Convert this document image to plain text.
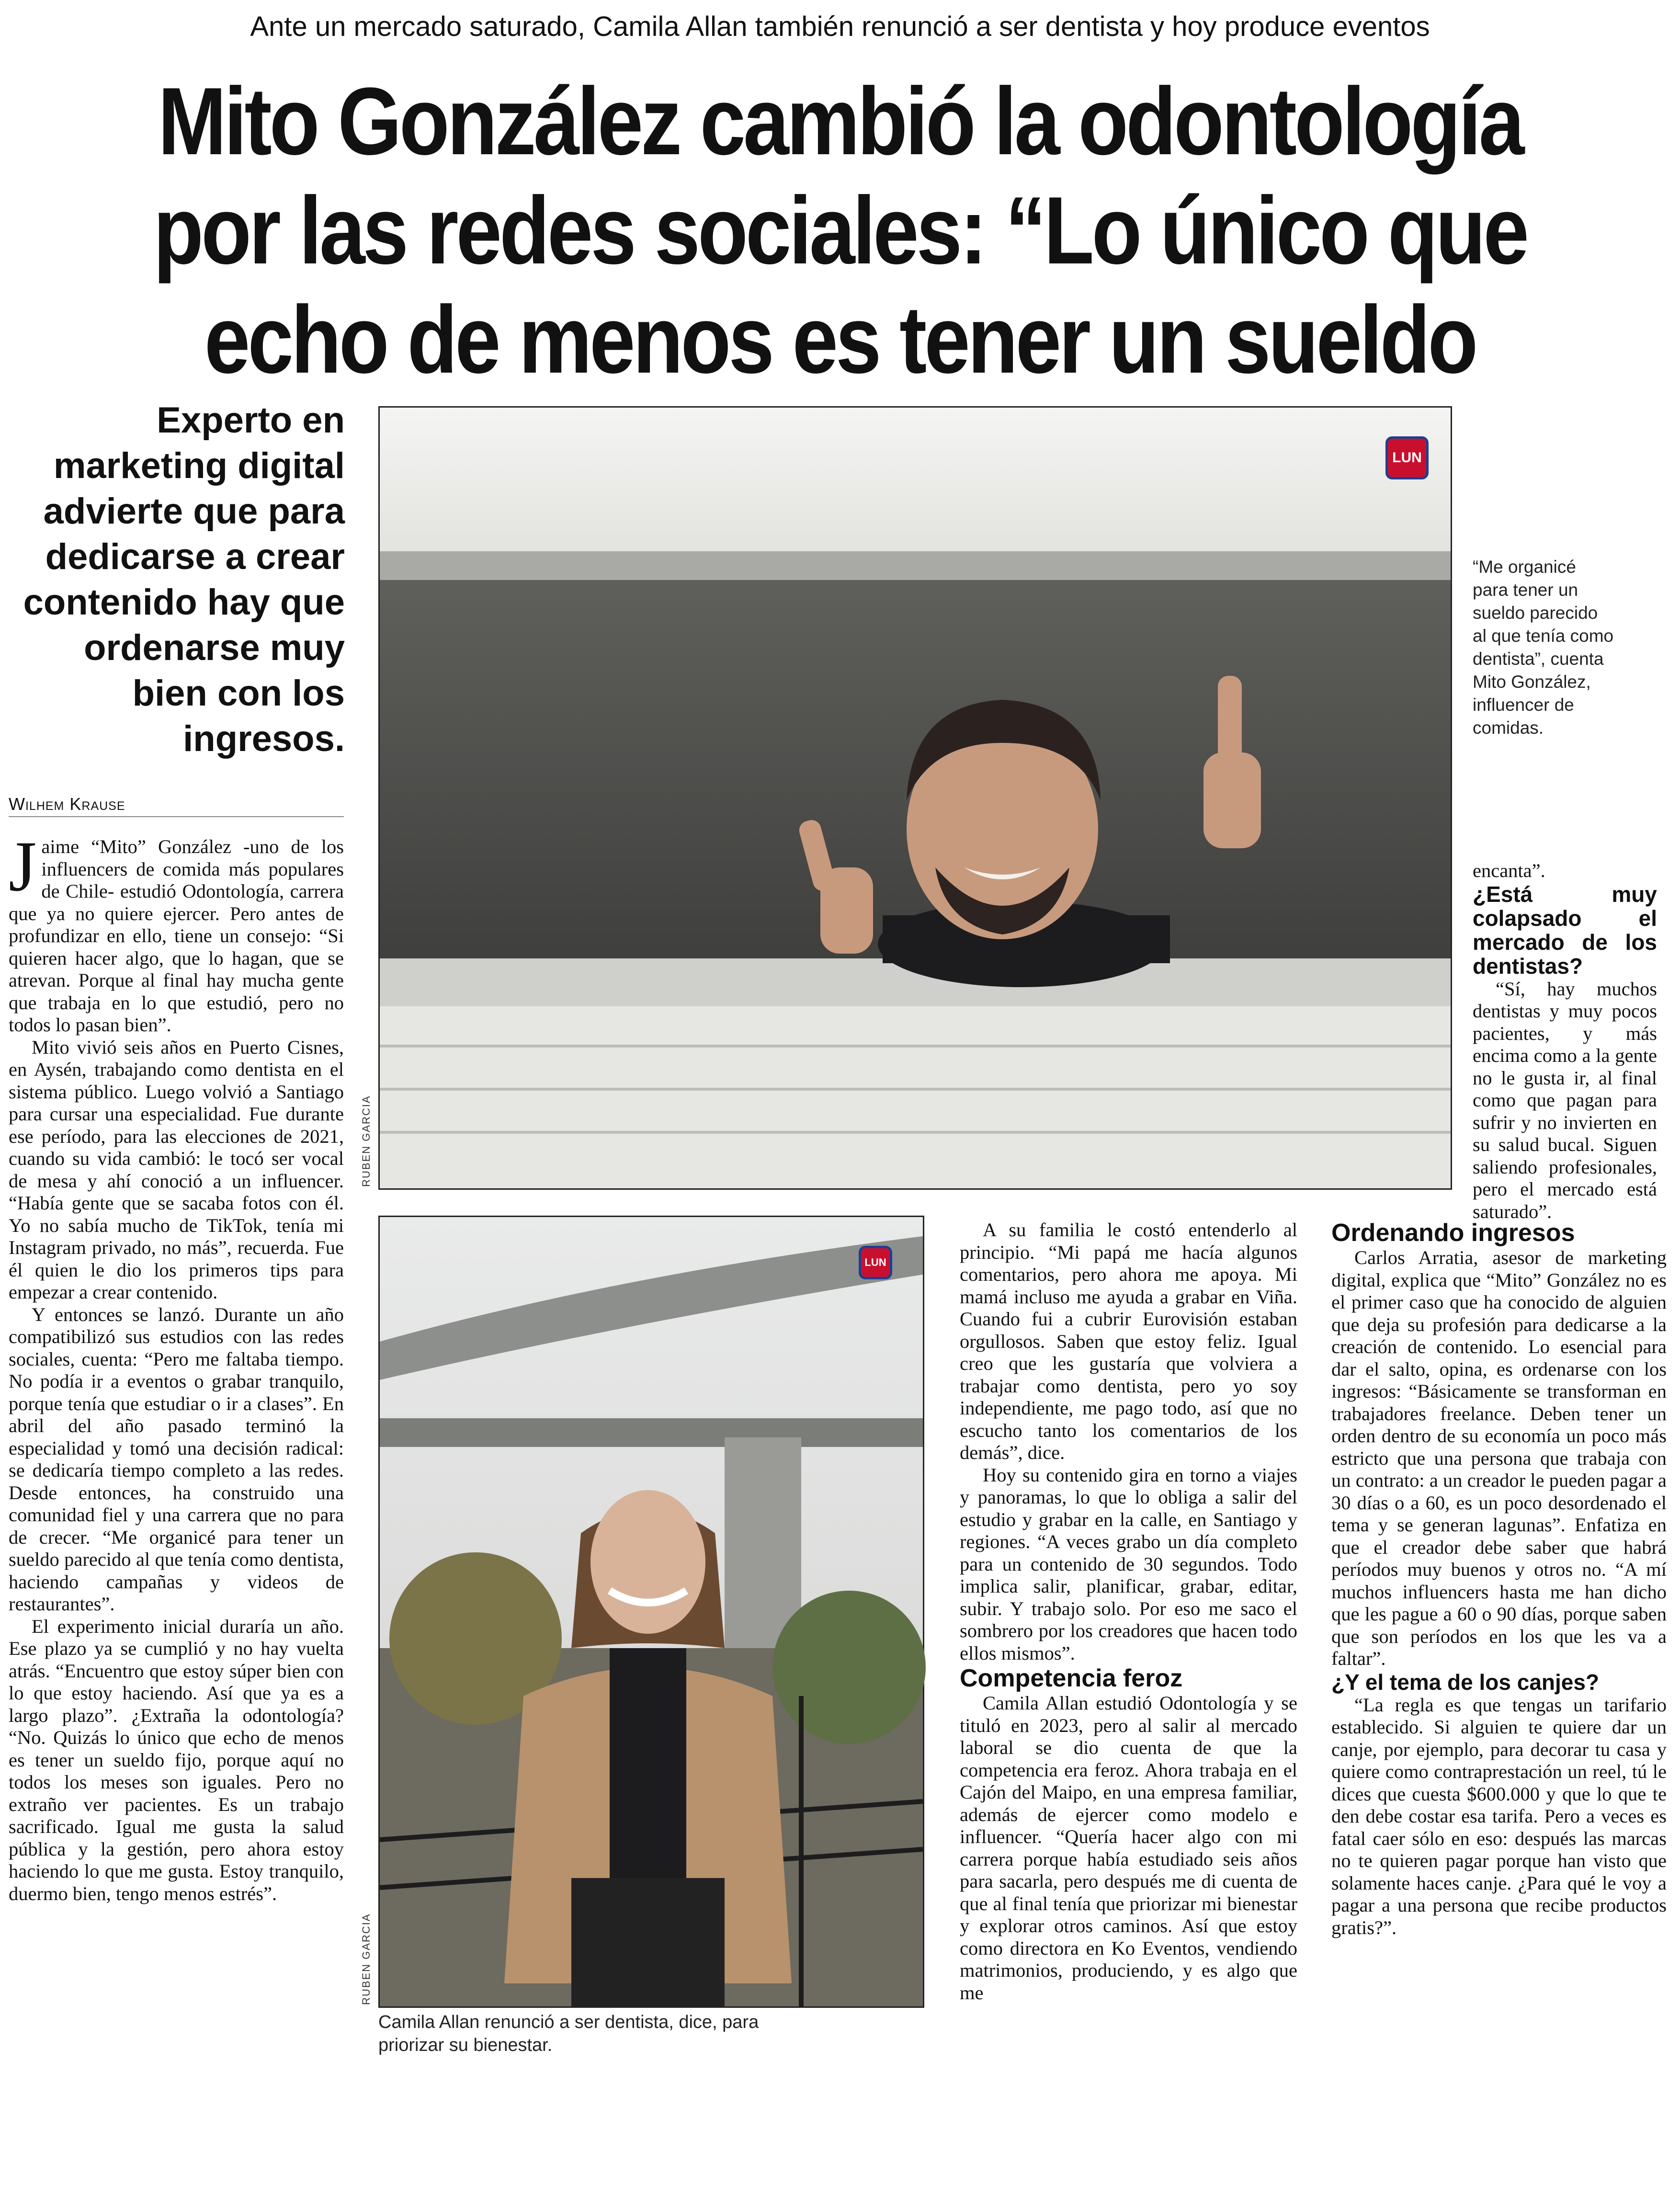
Ante un mercado saturado, Camila Allan también renunció a ser dentista y hoy produce eventos
Mito González cambió la odontología
por las redes sociales: “Lo único que
echo de menos es tener un sueldo
Experto en marketing digital advierte que para dedicarse a crear contenido hay que ordenarse muy bien con los ingresos.
Wilhem Krause
LUN
RUBEN GARCIA
“Me organicé para tener un sueldo parecido al que tenía como dentista”, cuenta Mito González, influencer de comidas.
LUN
RUBEN GARCIA
Camila Allan renunció a ser dentista, dice, para priorizar su bienestar.

Jaime “Mito” González -uno de los influencers de comida más populares de Chile- estudió Odontología, carrera que ya no quiere ejercer. Pero antes de profundizar en ello, tiene un consejo: “Si quieren hacer algo, que lo hagan, que se atrevan. Porque al final hay mucha gente que trabaja en lo que estudió, pero no todos lo pasan bien”.

Mito vivió seis años en Puerto Cisnes, en Aysén, trabajando como dentista en el sistema público. Luego volvió a Santiago para cursar una especialidad. Fue durante ese período, para las elecciones de 2021, cuando su vida cambió: le tocó ser vocal de mesa y ahí conoció a un influencer. “Había gente que se sacaba fotos con él. Yo no sabía mucho de TikTok, tenía mi Instagram privado, no más”, recuerda. Fue él quien le dio los primeros tips para empezar a crear contenido.

Y entonces se lanzó. Durante un año compatibilizó sus estudios con las redes sociales, cuenta: “Pero me faltaba tiempo. No podía ir a eventos o grabar tranquilo, porque tenía que estudiar o ir a clases”. En abril del año pasado terminó la especialidad y tomó una decisión radical: se dedicaría tiempo completo a las redes. Desde entonces, ha construido una comunidad fiel y una carrera que no para de crecer. “Me organicé para tener un sueldo parecido al que tenía como dentista, haciendo campañas y videos de restaurantes”.

El experimento inicial duraría un año. Ese plazo ya se cumplió y no hay vuelta atrás. “Encuentro que estoy súper bien con lo que estoy haciendo. Así que ya es a largo plazo”. ¿Extraña la odontología? “No. Quizás lo único que echo de menos es tener un sueldo fijo, porque aquí no todos los meses son iguales. Pero no extraño ver pacientes. Es un trabajo sacrificado. Igual me gusta la salud pública y la gestión, pero ahora estoy haciendo lo que me gusta. Estoy tranquilo, duermo bien, tengo menos estrés”.

A su familia le costó entenderlo al principio. “Mi papá me hacía algunos comentarios, pero ahora me apoya. Mi mamá incluso me ayuda a grabar en Viña. Cuando fui a cubrir Eurovisión estaban orgullosos. Saben que estoy feliz. Igual creo que les gustaría que volviera a trabajar como dentista, pero yo soy independiente, me pago todo, así que no escucho tanto los comentarios de los demás”, dice.

Hoy su contenido gira en torno a viajes y panoramas, lo que lo obliga a salir del estudio y grabar en la calle, en Santiago y regiones. “A veces grabo un día completo para un contenido de 30 segundos. Todo implica salir, planificar, grabar, editar, subir. Y trabajo solo. Por eso me saco el sombrero por los creadores que hacen todo ellos mismos”.

Competencia feroz

Camila Allan estudió Odontología y se tituló en 2023, pero al salir al mercado laboral se dio cuenta de que la competencia era feroz. Ahora trabaja en el Cajón del Maipo, en una empresa familiar, además de ejercer como modelo e influencer. “Quería hacer algo con mi carrera porque había estudiado seis años para sacarla, pero después me di cuenta de que al final tenía que priorizar mi bienestar y explorar otros caminos. Así que estoy como directora en Ko Eventos, vendiendo matrimonios, produciendo, y es algo que me

encanta”.

¿Está muy colapsado el mercado de los dentistas?

“Sí, hay muchos dentistas y muy pocos pacientes, y más encima como a la gente no le gusta ir, al final como que pagan para sufrir y no invierten en su salud bucal. Siguen saliendo profesionales, pero el mercado está saturado”.

Ordenando ingresos

Carlos Arratia, asesor de marketing digital, explica que “Mito” González no es el primer caso que ha conocido de alguien que deja su profesión para dedicarse a la creación de contenido. Lo esencial para dar el salto, opina, es ordenarse con los ingresos: “Básicamente se transforman en trabajadores freelance. Deben tener un orden dentro de su economía un poco más estricto que una persona que trabaja con un contrato: a un creador le pueden pagar a 30 días o a 60, es un poco desordenado el tema y se generan lagunas”. Enfatiza en que el creador debe saber que habrá períodos muy buenos y otros no. “A mí muchos influencers hasta me han dicho que les pague a 60 o 90 días, porque saben que son períodos en los que les va a faltar”.

¿Y el tema de los canjes?

“La regla es que tengas un tarifario establecido. Si alguien te quiere dar un canje, por ejemplo, para decorar tu casa y quiere como contraprestación un reel, tú le dices que cuesta $600.000 y que lo que te den debe costar esa tarifa. Pero a veces es fatal caer sólo en eso: después las marcas no te quieren pagar porque han visto que solamente haces canje. ¿Para qué le voy a pagar a una persona que recibe productos gratis?”.
